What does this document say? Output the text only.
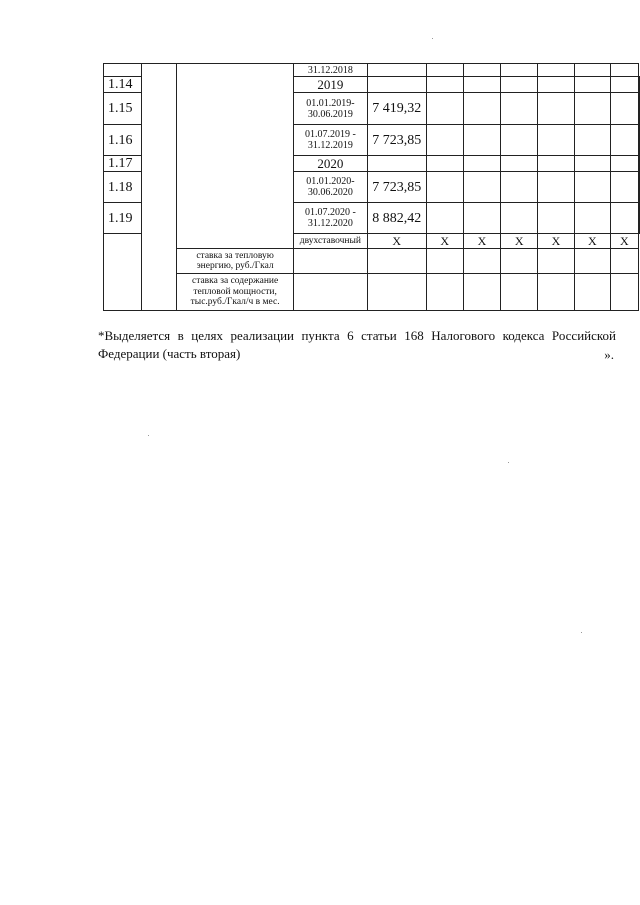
			31.12.2018								
1.14			2019								
1.15			01.01.2019- 30.06.2019	7 419,32							
1.16			01.07.2019 - 31.12.2019	7 723,85							
1.17			2020								
1.18			01.01.2020- 30.06.2020	7 723,85							
1.19			01.07.2020 - 31.12.2020	8 882,42							
			двухставочный	X	X	X	X	X	X	X	
		ставка за тепловую энергию, руб./Гкал									
		ставка за содержание тепловой мощности, тыс.руб./Гкал/ч в мес.									
*Выделяется в целях реализации пункта 6 статьи 168 Налогового кодекса Российской Федерации (часть вторая)	».
